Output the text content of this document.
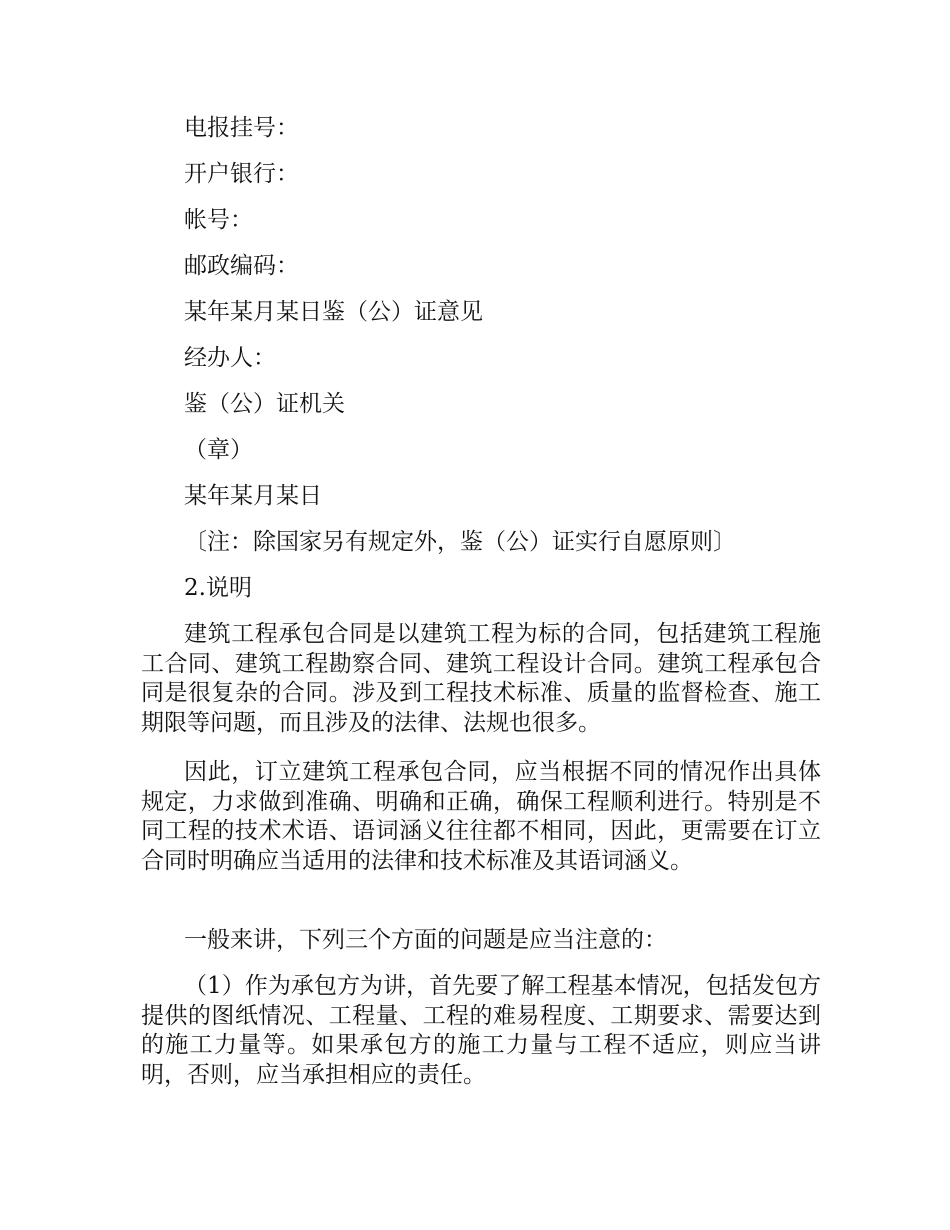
电报挂号：
开户银行：
帐号：
邮政编码：
某年某月某日鉴（公）证意见
经办人：
鉴（公）证机关
（章）
某年某月某日
〔注：除国家另有规定外，鉴（公）证实行自愿原则〕
2.说明
建筑工程承包合同是以建筑工程为标的合同，包括建筑工程施工合同、建筑工程勘察合同、建筑工程设计合同。建筑工程承包合同是很复杂的合同。涉及到工程技术标准、质量的监督检查、施工期限等问题，而且涉及的法律、法规也很多。
因此，订立建筑工程承包合同，应当根据不同的情况作出具体规定，力求做到准确、明确和正确，确保工程顺利进行。特别是不同工程的技术术语、语词涵义往往都不相同，因此，更需要在订立合同时明确应当适用的法律和技术标准及其语词涵义。
一般来讲，下列三个方面的问题是应当注意的：
（1）作为承包方为讲，首先要了解工程基本情况，包括发包方提供的图纸情况、工程量、工程的难易程度、工期要求、需要达到的施工力量等。如果承包方的施工力量与工程不适应，则应当讲明，否则，应当承担相应的责任。
